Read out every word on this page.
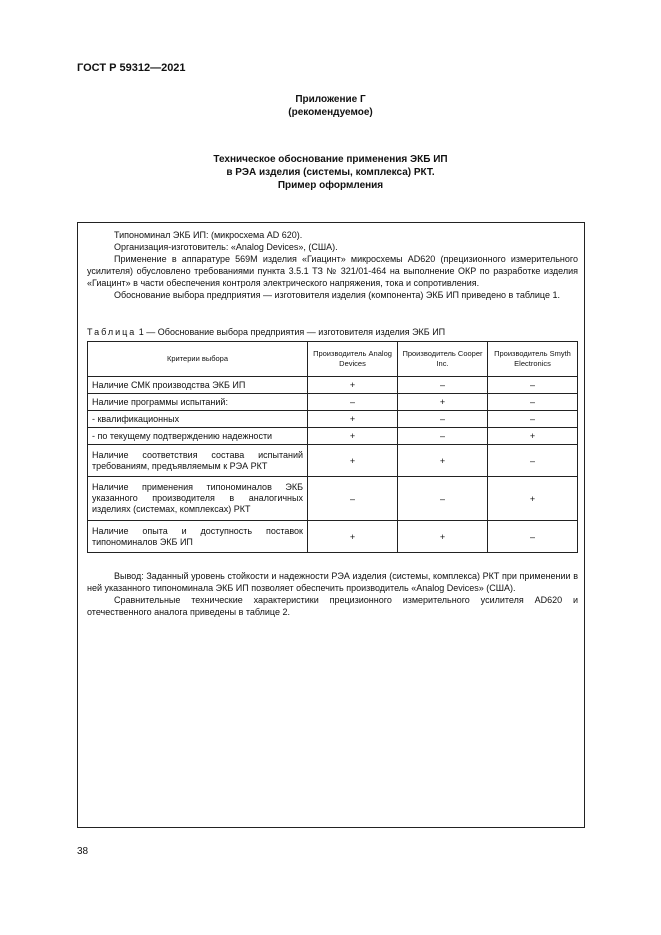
ГОСТ Р 59312—2021
Приложение Г
(рекомендуемое)
Техническое обоснование применения ЭКБ ИП
в РЭА изделия (системы, комплекса) РКТ.
Пример оформления
Типономинал ЭКБ ИП: (микросхема AD 620).
Организация-изготовитель: «Analog Devices», (США).
Применение в аппаратуре 569М изделия «Гиацинт» микросхемы AD620 (прецизионного измерительного усилителя) обусловлено требованиями пункта 3.5.1 ТЗ № 321/01-464 на выполнение ОКР по разработке изделия «Гиацинт» в части обеспечения контроля электрического напряжения, тока и сопротивления.
Обоснование выбора предприятия — изготовителя изделия (компонента) ЭКБ ИП приведено в таблице 1.
Таблица 1 — Обоснование выбора предприятия — изготовителя изделия ЭКБ ИП
Критерии выбора	Производитель Analog Devices	Производитель Cooper Inc.	Производитель Smyth Electronics
Наличие СМК производства ЭКБ ИП	+	–	–
Наличие программы испытаний:	–	+	–
- квалификационных	+	–	–
- по текущему подтверждению надежности	+	–	+
Наличие соответствия состава испытаний требованиям, предъявляемым к РЭА РКТ	+	+	–
Наличие применения типономиналов ЭКБ указанного производителя в аналогичных изделиях (системах, комплексах) РКТ	–	–	+
Наличие опыта и доступность поставок типономиналов ЭКБ ИП	+	+	–
Вывод: Заданный уровень стойкости и надежности РЭА изделия (системы, комплекса) РКТ при применении в ней указанного типономинала ЭКБ ИП позволяет обеспечить производитель «Analog Devices» (США).
Сравнительные технические характеристики прецизионного измерительного усилителя AD620 и отечественного аналога приведены в таблице 2.
38
